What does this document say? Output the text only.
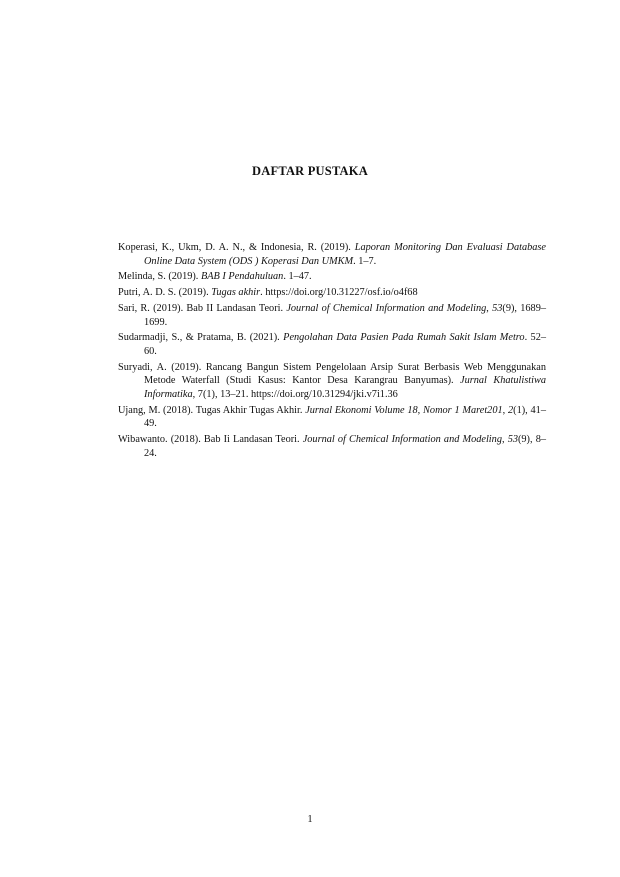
DAFTAR PUSTAKA
Koperasi, K., Ukm, D. A. N., & Indonesia, R. (2019). Laporan Monitoring Dan Evaluasi Database Online Data System (ODS ) Koperasi Dan UMKM. 1–7.
Melinda, S. (2019). BAB I Pendahuluan. 1–47.
Putri, A. D. S. (2019). Tugas akhir. https://doi.org/10.31227/osf.io/o4f68
Sari, R. (2019). Bab II Landasan Teori. Journal of Chemical Information and Modeling, 53(9), 1689–1699.
Sudarmadji, S., & Pratama, B. (2021). Pengolahan Data Pasien Pada Rumah Sakit Islam Metro. 52–60.
Suryadi, A. (2019). Rancang Bangun Sistem Pengelolaan Arsip Surat Berbasis Web Menggunakan Metode Waterfall (Studi Kasus: Kantor Desa Karangrau Banyumas). Jurnal Khatulistiwa Informatika, 7(1), 13–21. https://doi.org/10.31294/jki.v7i1.36
Ujang, M. (2018). Tugas Akhir Tugas Akhir. Jurnal Ekonomi Volume 18, Nomor 1 Maret201, 2(1), 41–49.
Wibawanto. (2018). Bab Ii Landasan Teori. Journal of Chemical Information and Modeling, 53(9), 8–24.

1
